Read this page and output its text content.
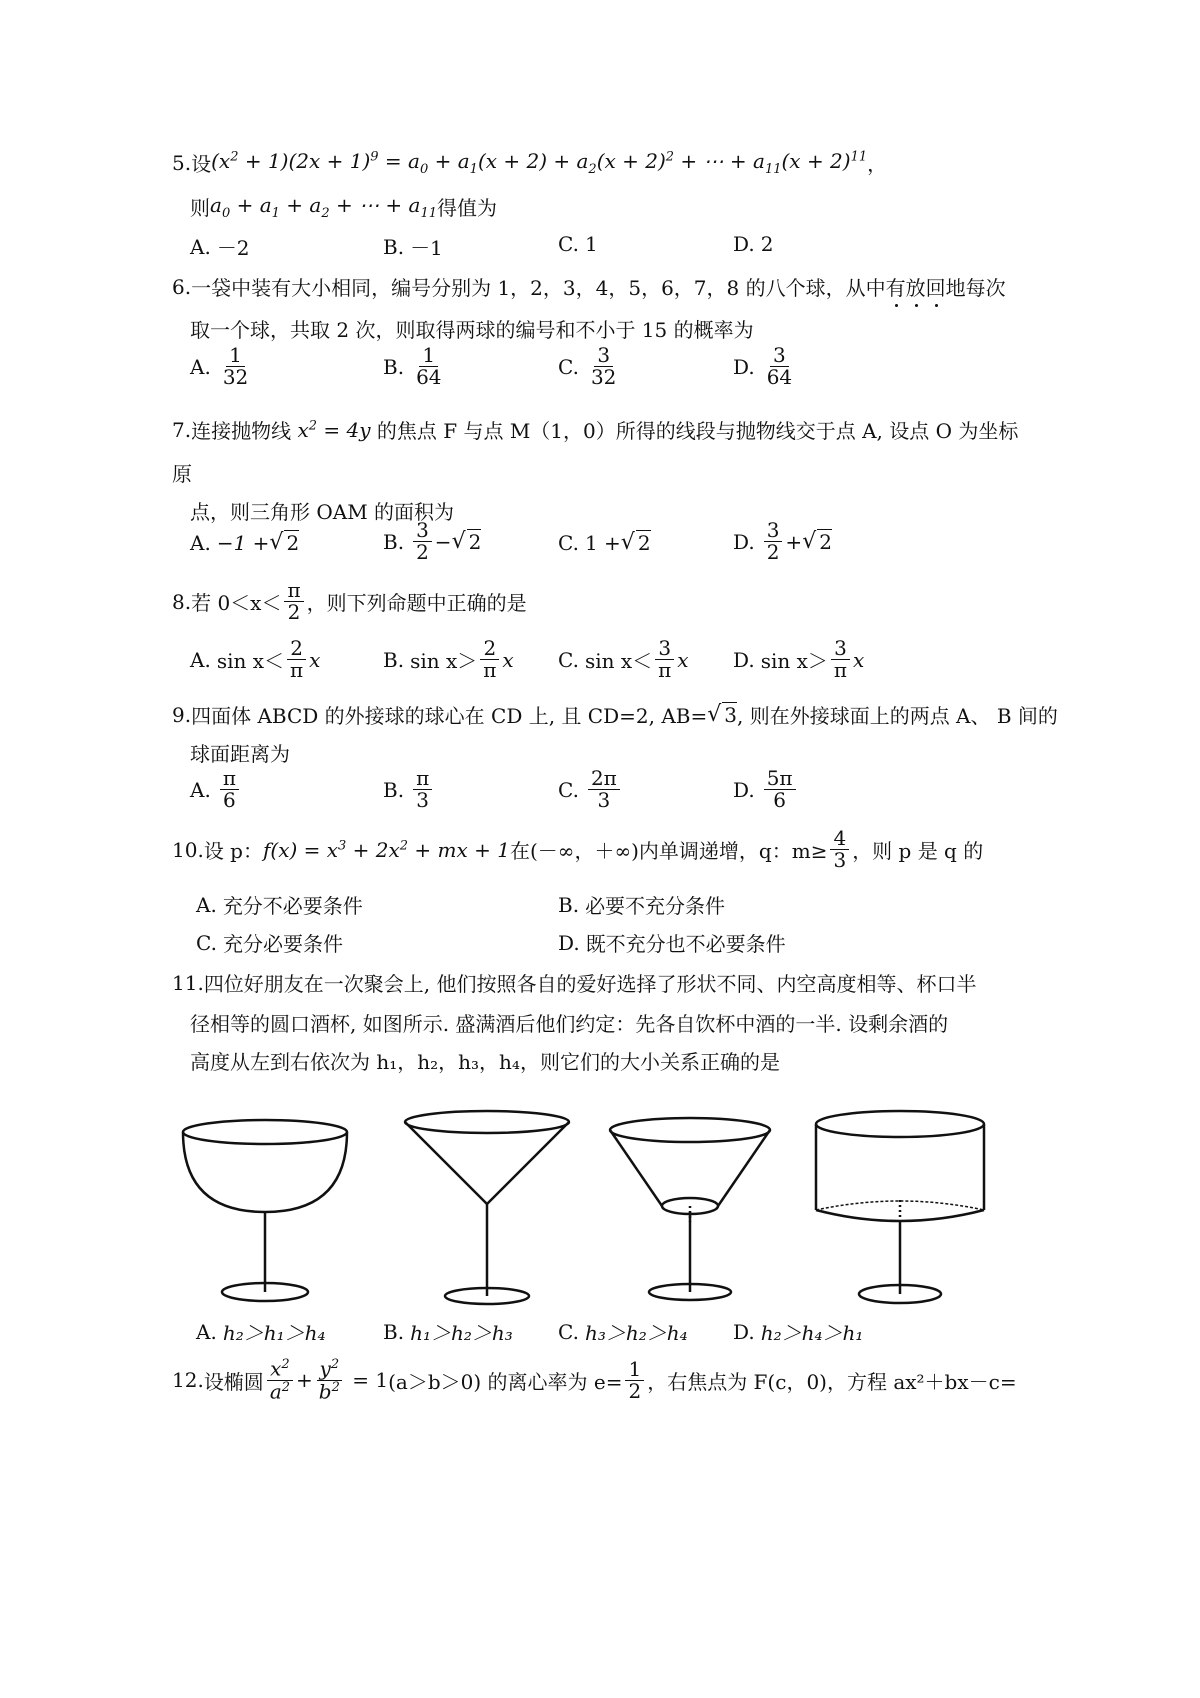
5. 设 $(x^2 + 1)(2x + 1)^9 = a_0 + a_1(x + 2) + a_2(x + 2)^2$ + ⋯ + $a_{11}(x + 2)^{11}$ ，
则 $a_0 + a_1 + a_2$ + ⋯ + $a_{11}$ 得值为
A. －2	B. －1	C. 1	D. 2
6. 一袋中装有大小相同，编号分别为 1，2，3，4，5，6，7，8 的八个球，从中 有 放 回 地每次
取一个球，共取 2 次，则取得两球的编号和不小于 15 的概率为
A. $\frac{1}{32}$	B. $\frac{1}{64}$	C. $\frac{3}{32}$	D. $\frac{3}{64}$
7. 连接抛物线 $x^2 = 4y$ 的焦点 F 与点 M（1，0）所得的线段与抛物线交于点 A, 设点 O 为坐标
原
点，则三角形 OAM 的面积为
A. −1 + √ 2	B. $\frac{3}{2}$ − √ 2	C. 1 + √ 2	D. $\frac{3}{2}$ + √ 2
8. 若 $0<x< \frac{\pi}{2}$ ，则下列命题中正确的是
A. $\sin x< \frac{2}{\pi}$ x	B. $\sin x> \frac{2}{\pi}$ x C. $\sin x< \frac{3}{\pi}$ x D. $\sin x> \frac{3}{\pi}$ x
9. 四面体 ABCD 的外接球的球心在 CD 上, 且 CD=2, AB= √ 3 , 则在外接球面上的两点 A、 B 间的
球面距离为
A. $\frac{\pi}{6}$	B. $\frac{\pi}{3}$	C. $\frac{2\pi}{3}$	D. $\frac{5\pi}{6}$
10. 设 p： $f(x) = x^3 + 2x^2$ + mx + 1 在(－∞，＋∞)内单调递增，q：$m\ge \frac{4}{3}$ ，则 p 是 q 的
A. 充分不必要条件	B. 必要不充分条件
C. 充分必要条件	D. 既不充分也不必要条件
11. 四位好朋友在一次聚会上, 他们按照各自的爱好选择了形状不同、内空高度相等、杯口半
径相等的圆口酒杯, 如图所示. 盛满酒后他们约定：先各自饮杯中酒的一半. 设剩余酒的
高度从左到右依次为 h₁，h₂，h₃，h₄，则它们的大小关系正确的是
A. h₂＞h₁＞h₄	B. h₁＞h₂＞h₃ C. h₃＞h₂＞h₄ D. h₂＞h₄＞h₁
12. 设椭圆 $\frac{x^2}{a^2} + \frac{y^2}{b^2} = 1$ (a＞b＞0) 的离心率为 $e= \frac{1}{2}$ ，右焦点为 F(c，0)，方程 ax²＋bx－c=
